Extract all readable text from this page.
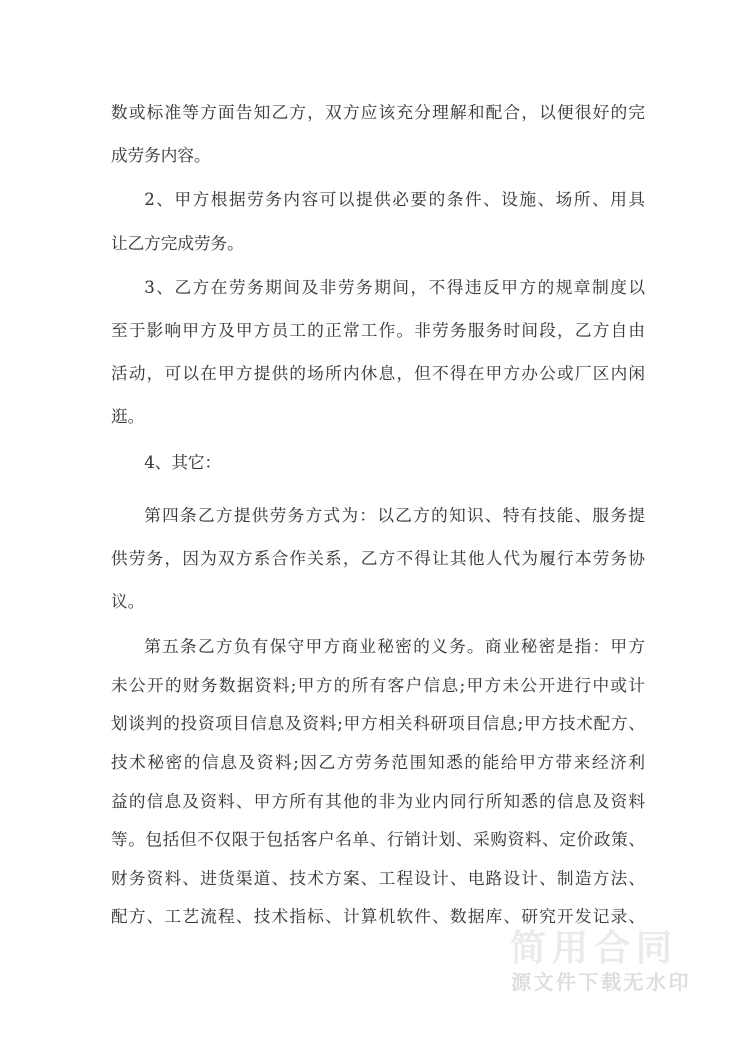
数或标准等方面告知乙方，双方应该充分理解和配合，以便很好的完
成劳务内容。
2、甲方根据劳务内容可以提供必要的条件、设施、场所、用具
让乙方完成劳务。
3、乙方在劳务期间及非劳务期间，不得违反甲方的规章制度以
至于影响甲方及甲方员工的正常工作。非劳务服务时间段，乙方自由
活动，可以在甲方提供的场所内休息，但不得在甲方办公或厂区内闲
逛。
4、其它：
第四条乙方提供劳务方式为：以乙方的知识、特有技能、服务提
供劳务，因为双方系合作关系，乙方不得让其他人代为履行本劳务协
议。
第五条乙方负有保守甲方商业秘密的义务。商业秘密是指：甲方
未公开的财务数据资料;甲方的所有客户信息;甲方未公开进行中或计
划谈判的投资项目信息及资料;甲方相关科研项目信息;甲方技术配方、
技术秘密的信息及资料;因乙方劳务范围知悉的能给甲方带来经济利
益的信息及资料、甲方所有其他的非为业内同行所知悉的信息及资料
等。包括但不仅限于包括客户名单、行销计划、采购资料、定价政策、
财务资料、进货渠道、技术方案、工程设计、电路设计、制造方法、
配方、工艺流程、技术指标、计算机软件、数据库、研究开发记录、
简用合同
源文件下载无水印
